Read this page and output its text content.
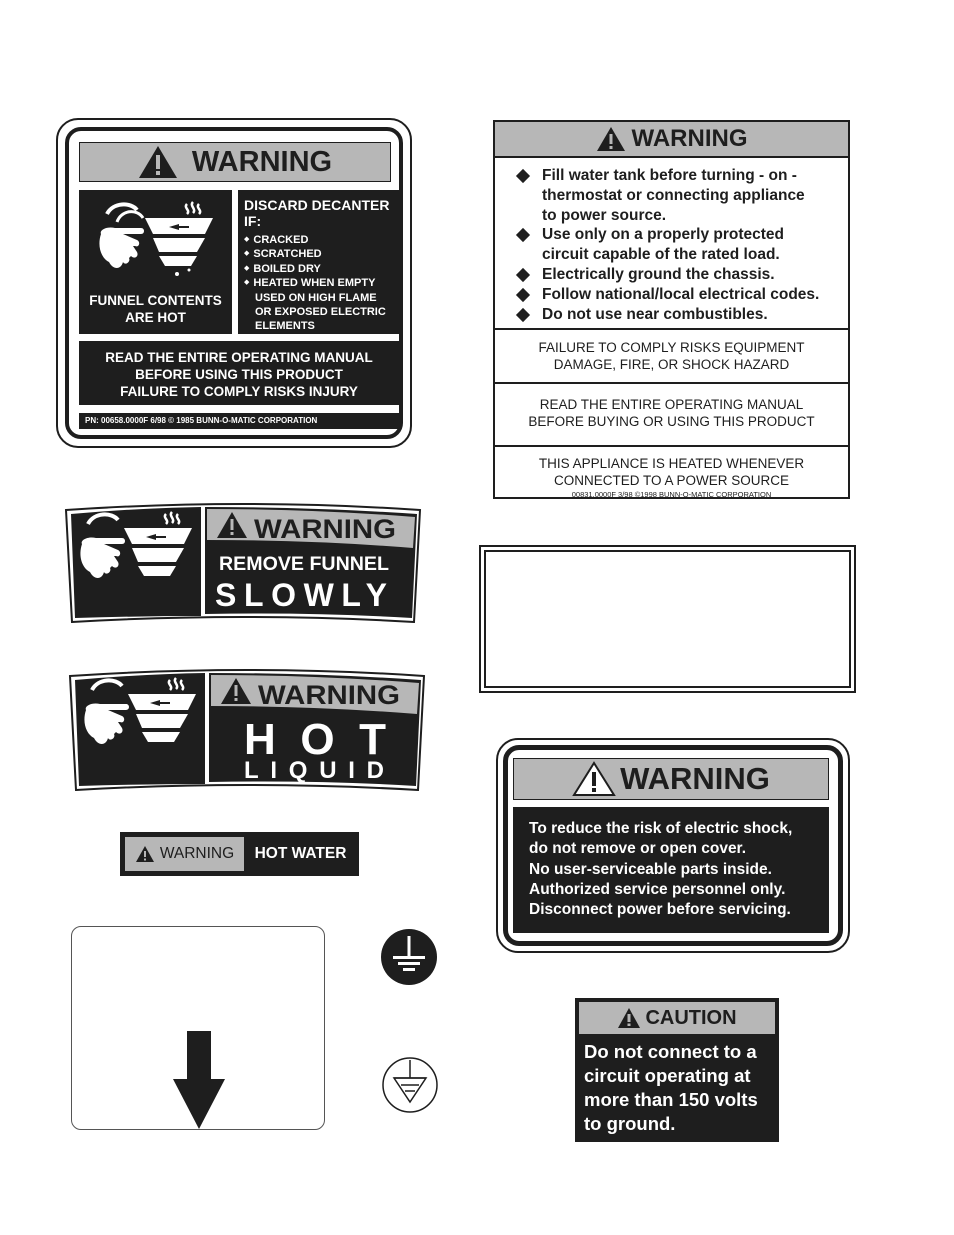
WARNING
FUNNEL CONTENTS
ARE HOT
DISCARD DECANTER
IF:
◆ CRACKED
◆ SCRATCHED
◆ BOILED DRY
◆ HEATED WHEN EMPTY
USED ON HIGH FLAME
OR EXPOSED ELECTRIC
ELEMENTS
READ THE ENTIRE OPERATING MANUAL
BEFORE USING THIS PRODUCT
FAILURE TO COMPLY RISKS INJURY
PN: 00658.0000F 6/98 © 1985 BUNN-O-MATIC CORPORATION
WARNING
Fill water tank before turning - on -
thermostat or connecting appliance
to power source.
Use only on a properly protected
circuit capable of the rated load.
Electrically ground the chassis.
Follow national/local electrical codes.
Do not use near combustibles.
FAILURE TO COMPLY RISKS EQUIPMENT
DAMAGE, FIRE, OR SHOCK HAZARD
READ THE ENTIRE OPERATING MANUAL
BEFORE BUYING OR USING THIS PRODUCT
THIS APPLIANCE IS HEATED WHENEVER
CONNECTED TO A POWER SOURCE
00831.0000F 3/98 ©1998 BUNN-O-MATIC CORPORATION
WARNING
REMOVE FUNNEL
SLOWLY
WARNING
HOT
LIQUID
WARNING	HOT WATER
WARNING
To reduce the risk of electric shock,
do not remove or open cover.
No user-serviceable parts inside.
Authorized service personnel only.
Disconnect power before servicing.
CAUTION
Do not connect to a
circuit operating at
more than 150 volts
to ground.
